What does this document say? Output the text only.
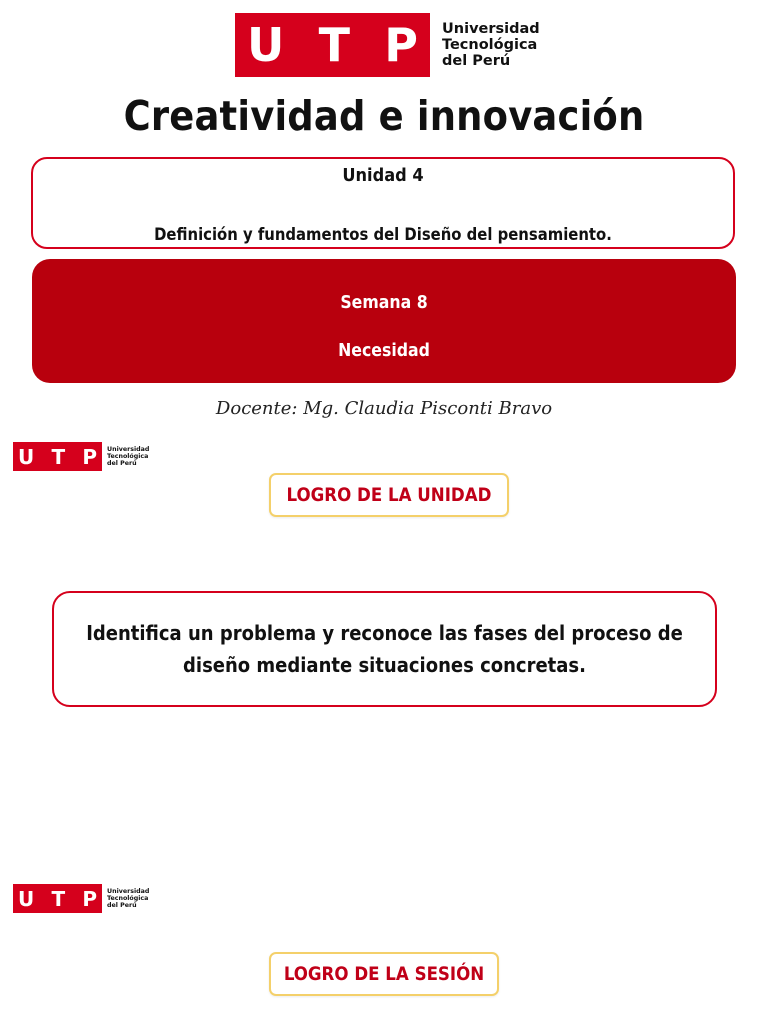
U T P Universidad
Tecnológica
del Perú
Creatividad e innovación
Unidad 4
Definición y fundamentos del Diseño del pensamiento.
Semana 8
Necesidad
Docente: Mg. Claudia Pisconti Bravo
U T P Universidad
Tecnológica
del Perú
LOGRO DE LA UNIDAD
Identifica un problema y reconoce las fases del proceso de diseño mediante situaciones concretas.
U T P Universidad
Tecnológica
del Perú
LOGRO DE LA SESIÓN
